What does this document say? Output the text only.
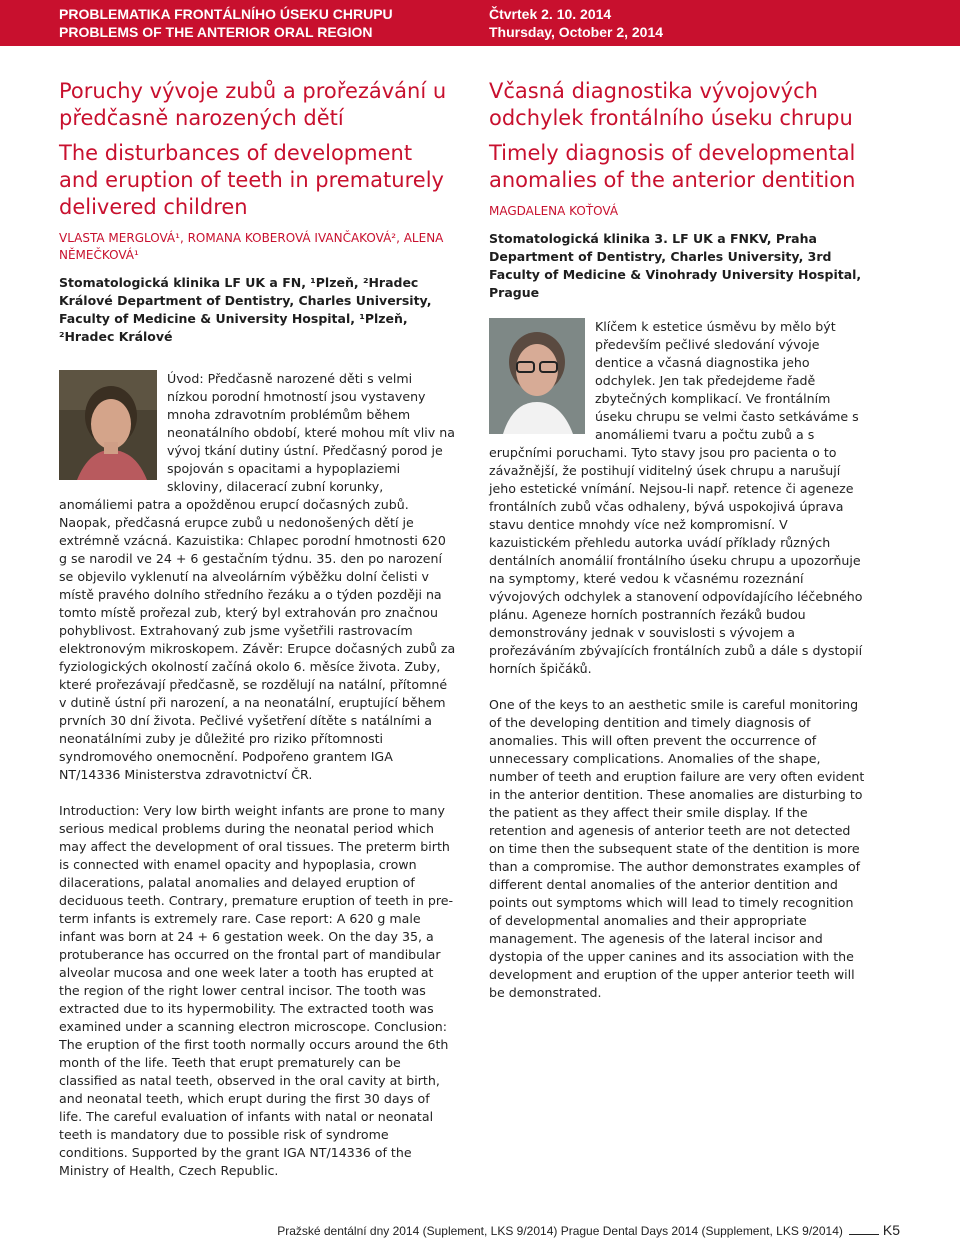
PROBLEMATIKA FRONTÁLNÍHO ÚSEKU CHRUPU
PROBLEMS OF THE ANTERIOR ORAL REGION
Čtvrtek 2. 10. 2014
Thursday, October 2, 2014
Poruchy vývoje zubů a prořezávání u předčasně narozených dětí
The disturbances of development and eruption of teeth in prematurely delivered children

VLASTA MERGLOVÁ¹, ROMANA KOBEROVÁ IVANČAKOVÁ², ALENA NĚMEČKOVÁ¹

Stomatologická klinika LF UK a FN, ¹Plzeň, ²Hradec Králové Department of Dentistry, Charles University, Faculty of Medicine & University Hospital, ¹Plzeň, ²Hradec Králové

Úvod: Předčasně narozené děti s velmi nízkou porodní hmotností jsou vystaveny mnoha zdravotním problémům během neonatálního období, které mohou mít vliv na vývoj tkání dutiny ústní. Předčasný porod je spojován s opacitami a hypoplaziemi skloviny, dilacerací zubní korunky, anomáliemi patra a opožděnou erupcí dočasných zubů. Naopak, předčasná erupce zubů u nedonošených dětí je extrémně vzácná. Kazuistika: Chlapec porodní hmotnosti 620 g se narodil ve 24 + 6 gestačním týdnu. 35. den po narození se objevilo vyklenutí na alveolárním výběžku dolní čelisti v místě pravého dolního středního řezáku a o týden později na tomto místě prořezal zub, který byl extrahován pro značnou pohyblivost. Extrahovaný zub jsme vyšetřili rastrovacím elektronovým mikroskopem. Závěr: Erupce dočasných zubů za fyziologických okolností začíná okolo 6. měsíce života. Zuby, které prořezávají předčasně, se rozdělují na natální, přítomné v dutině ústní při narození, a na neonatální, eruptující během prvních 30 dní života. Pečlivé vyšetření dítěte s natálními a neonatálními zuby je důležité pro riziko přítomnosti syndromového onemocnění. Podpořeno grantem IGA NT/14336 Ministerstva zdravotnictví ČR.

Introduction: Very low birth weight infants are prone to many serious medical problems during the neonatal period which may affect the development of oral tissues. The preterm birth is connected with enamel opacity and hypoplasia, crown dilacerations, palatal anomalies and delayed eruption of deciduous teeth. Contrary, premature eruption of teeth in pre-term infants is extremely rare. Case report: A 620 g male infant was born at 24 + 6 gestation week. On the day 35, a protuberance has occurred on the frontal part of mandibular alveolar mucosa and one week later a tooth has erupted at the region of the right lower central incisor. The tooth was extracted due to its hypermobility. The extracted tooth was examined under a scanning electron microscope. Conclusion: The eruption of the first tooth normally occurs around the 6th month of the life. Teeth that erupt prematurely can be classified as natal teeth, observed in the oral cavity at birth, and neonatal teeth, which erupt during the first 30 days of life. The careful evaluation of infants with natal or neonatal teeth is mandatory due to possible risk of syndrome conditions. Supported by the grant IGA NT/14336 of the Ministry of Health, Czech Republic.

Včasná diagnostika vývojových odchylek frontálního úseku chrupu
Timely diagnosis of developmental anomalies of the anterior dentition

MAGDALENA KOŤOVÁ

Stomatologická klinika 3. LF UK a FNKV, Praha Department of Dentistry, Charles University, 3rd Faculty of Medicine & Vinohrady University Hospital, Prague

Klíčem k estetice úsměvu by mělo být především pečlivé sledování vývoje dentice a včasná diagnostika jeho odchylek. Jen tak předejdeme řadě zbytečných komplikací. Ve frontálním úseku chrupu se velmi často setkáváme s anomáliemi tvaru a počtu zubů a s erupčními poruchami. Tyto stavy jsou pro pacienta o to závažnější, že postihují viditelný úsek chrupu a narušují jeho estetické vnímání. Nejsou-li např. retence či ageneze frontálních zubů včas odhaleny, bývá uspokojivá úprava stavu dentice mnohdy více než kompromisní. V kazuistickém přehledu autorka uvádí příklady různých dentálních anomálií frontálního úseku chrupu a upozorňuje na symptomy, které vedou k včasnému rozeznání vývojových odchylek a stanovení odpovídajícího léčebného plánu. Ageneze horních postranních řezáků budou demonstrovány jednak v souvislosti s vývojem a prořezáváním zbývajících frontálních zubů a dále s dystopií horních špičáků.

One of the keys to an aesthetic smile is careful monitoring of the developing dentition and timely diagnosis of anomalies. This will often prevent the occurrence of unnecessary complications. Anomalies of the shape, number of teeth and eruption failure are very often evident in the anterior dentition. These anomalies are disturbing to the patient as they affect their smile display. If the retention and agenesis of anterior teeth are not detected on time then the subsequent state of the dentition is more than a compromise. The author demonstrates examples of different dental anomalies of the anterior dentition and points out symptoms which will lead to timely recognition of developmental anomalies and their appropriate management. The agenesis of the lateral incisor and dystopia of the upper canines and its association with the development and eruption of the upper anterior teeth will be demonstrated.

Pražské dentální dny 2014 (Suplement, LKS 9/2014) Prague Dental Days 2014 (Supplement, LKS 9/2014)	K5
